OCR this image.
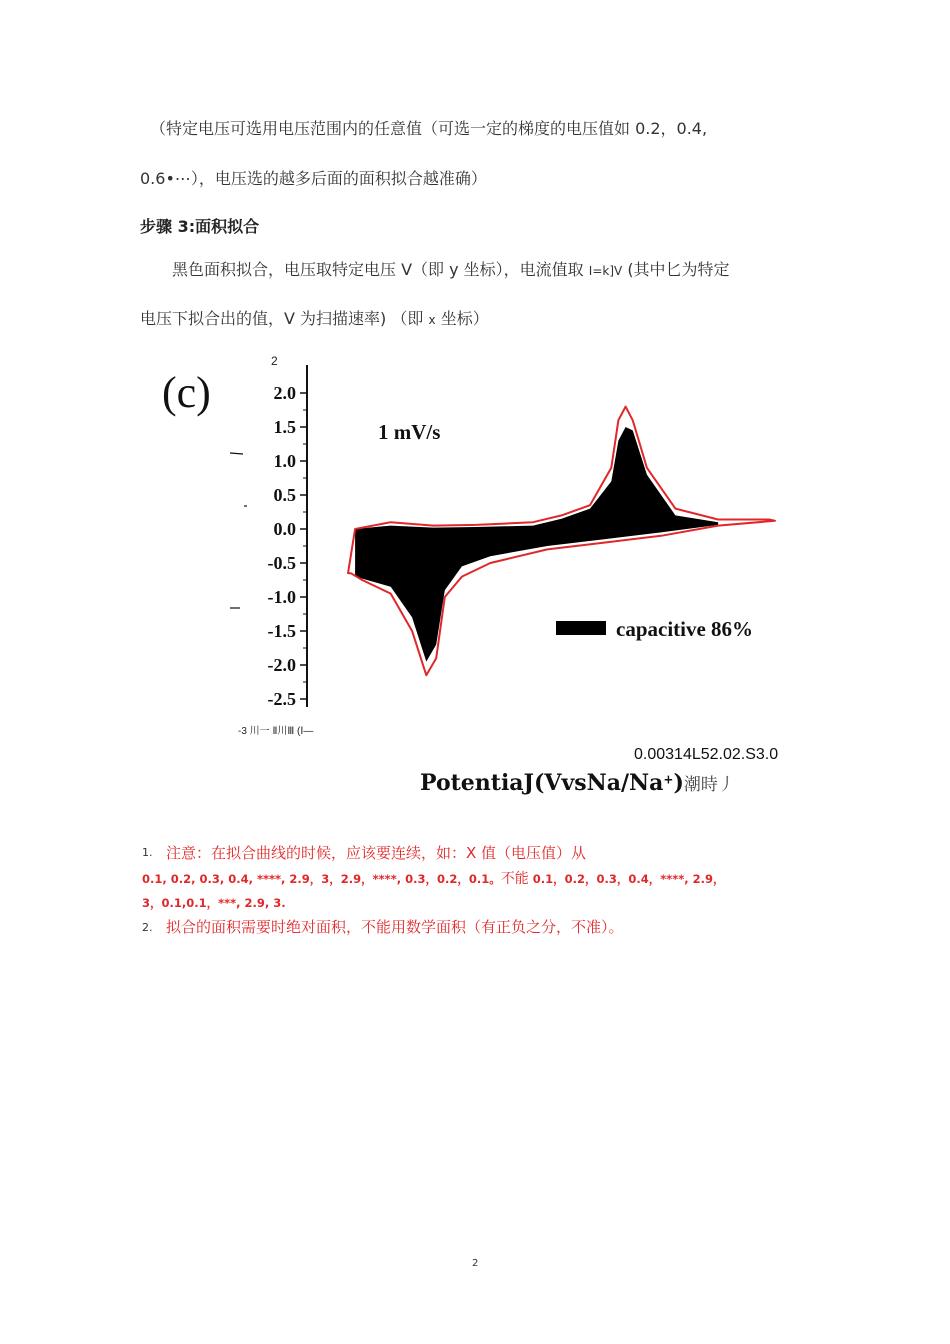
（特定电压可选用电压范围内的任意值（可选一定的梯度的电压值如 0.2，0.4,
0.6•⋯），电压选的越多后面的面积拟合越准确）
步骤 3:面积拟合
黑色面积拟合，电压取特定电压 V（即 y 坐标），电流值取 I=k]V (其中匕为特定
电压下拟合出的值，V 为扫描速率) （即 x 坐标）
(c)
2
2.0
1.5
1.0
0.5
0.0
-0.5
-1.0
-1.5
-2.0
-2.5
1 mV/s
capacitive 86%
-3 川一 Ⅱ川Ⅲ (Ⅰ—
0.00314L52.02.S3.0
PotentiaJ(VvsNa/Na+)潮時丿
1. 注意：在拟合曲线的时候，应该要连续，如：X 值（电压值）从
0.1, 0.2, 0.3, 0.4, ****, 2.9，3，2.9，****, 0.3，0.2，0.1。不能 0.1，0.2，0.3，0.4，****, 2.9，
3，0.1,0.1，***, 2.9, 3.
2. 拟合的面积需要时绝对面积，不能用数学面积（有正负之分，不准）。
2
